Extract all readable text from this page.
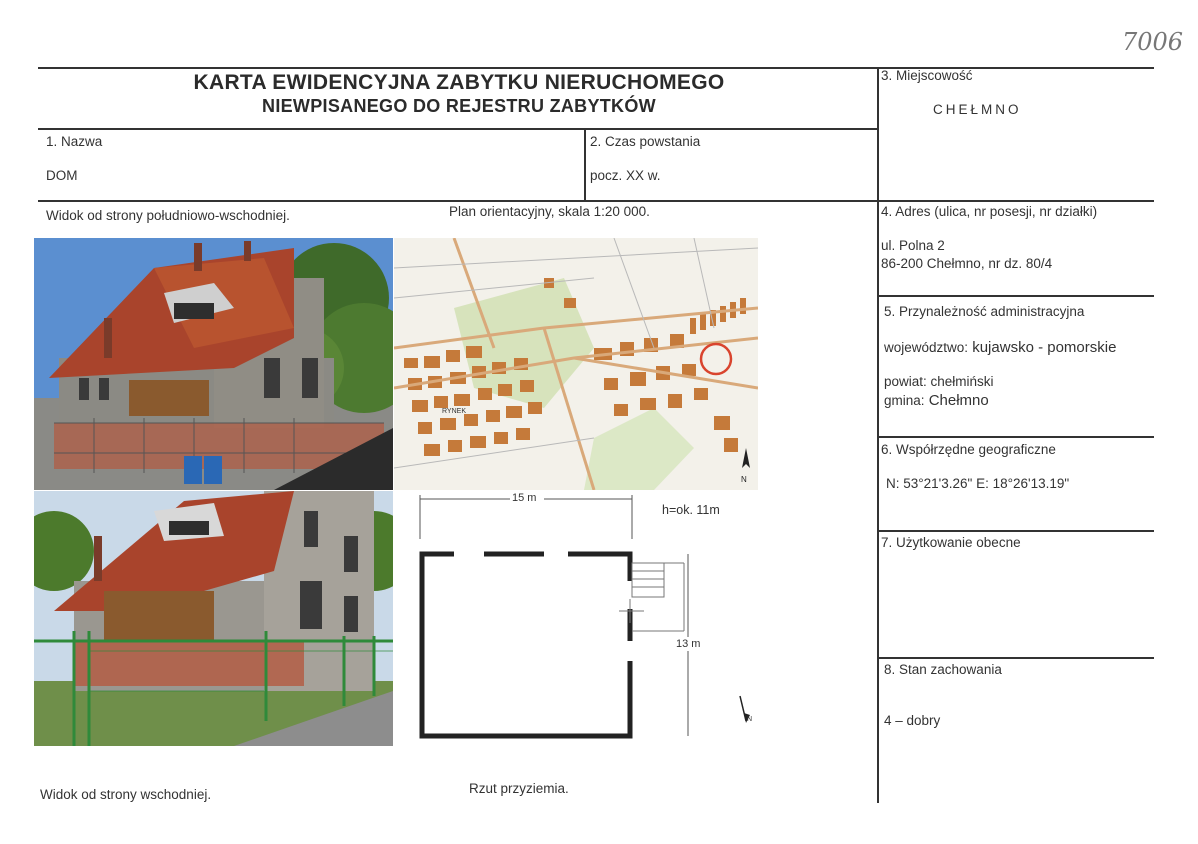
7006
KARTA EWIDENCYJNA ZABYTKU NIERUCHOMEGO
NIEWPISANEGO DO REJESTRU ZABYTKÓW
1. Nazwa
DOM
2. Czas powstania
pocz. XX w.
3. Miejscowość
CHEŁMNO
4. Adres (ulica, nr posesji, nr działki)
ul. Polna 2
86-200 Chełmno, nr dz. 80/4
5. Przynależność administracyjna
województwo: kujawsko - pomorskie
powiat: chełmiński
gmina: Chełmno
6. Współrzędne geograficzne
N: 53°21'3.26" E: 18°26'13.19"
7. Użytkowanie obecne
8. Stan zachowania
4 – dobry
Widok od strony południowo-wschodniej.	Plan orientacyjny, skala 1:20 000.
Widok od strony wschodniej.	Rzut przyziemia.
RYNEK
N
15 m
h=ok. 11m
13 m
N
